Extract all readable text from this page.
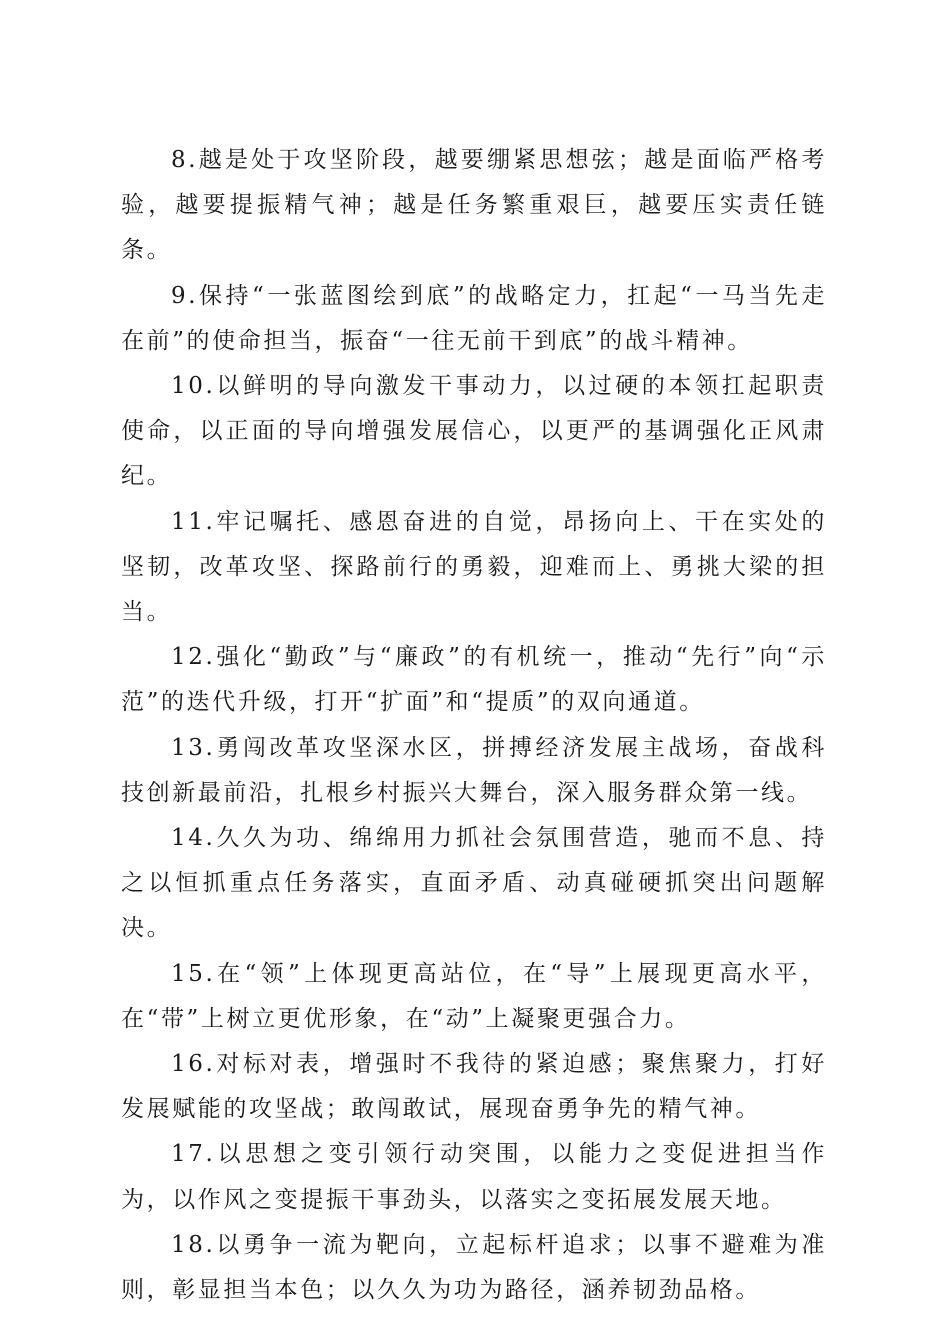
8.越是处于攻坚阶段，越要绷紧思想弦；越是面临严格考验，越要提振精气神；越是任务繁重艰巨，越要压实责任链条。

9.保持“一张蓝图绘到底”的战略定力，扛起“一马当先走在前”的使命担当，振奋“一往无前干到底”的战斗精神。

10.以鲜明的导向激发干事动力，以过硬的本领扛起职责使命，以正面的导向增强发展信心，以更严的基调强化正风肃纪。

11.牢记嘱托、感恩奋进的自觉，昂扬向上、干在实处的坚韧，改革攻坚、探路前行的勇毅，迎难而上、勇挑大梁的担当。

12.强化“勤政”与“廉政”的有机统一，推动“先行”向“示范”的迭代升级，打开“扩面”和“提质”的双向通道。

13.勇闯改革攻坚深水区，拼搏经济发展主战场，奋战科技创新最前沿，扎根乡村振兴大舞台，深入服务群众第一线。

14.久久为功、绵绵用力抓社会氛围营造，驰而不息、持之以恒抓重点任务落实，直面矛盾、动真碰硬抓突出问题解决。

15.在“领”上体现更高站位，在“导”上展现更高水平，在“带”上树立更优形象，在“动”上凝聚更强合力。

16.对标对表，增强时不我待的紧迫感；聚焦聚力，打好发展赋能的攻坚战；敢闯敢试，展现奋勇争先的精气神。

17.以思想之变引领行动突围，以能力之变促进担当作为，以作风之变提振干事劲头，以落实之变拓展发展天地。

18.以勇争一流为靶向，立起标杆追求；以事不避难为准则，彰显担当本色；以久久为功为路径，涵养韧劲品格。
